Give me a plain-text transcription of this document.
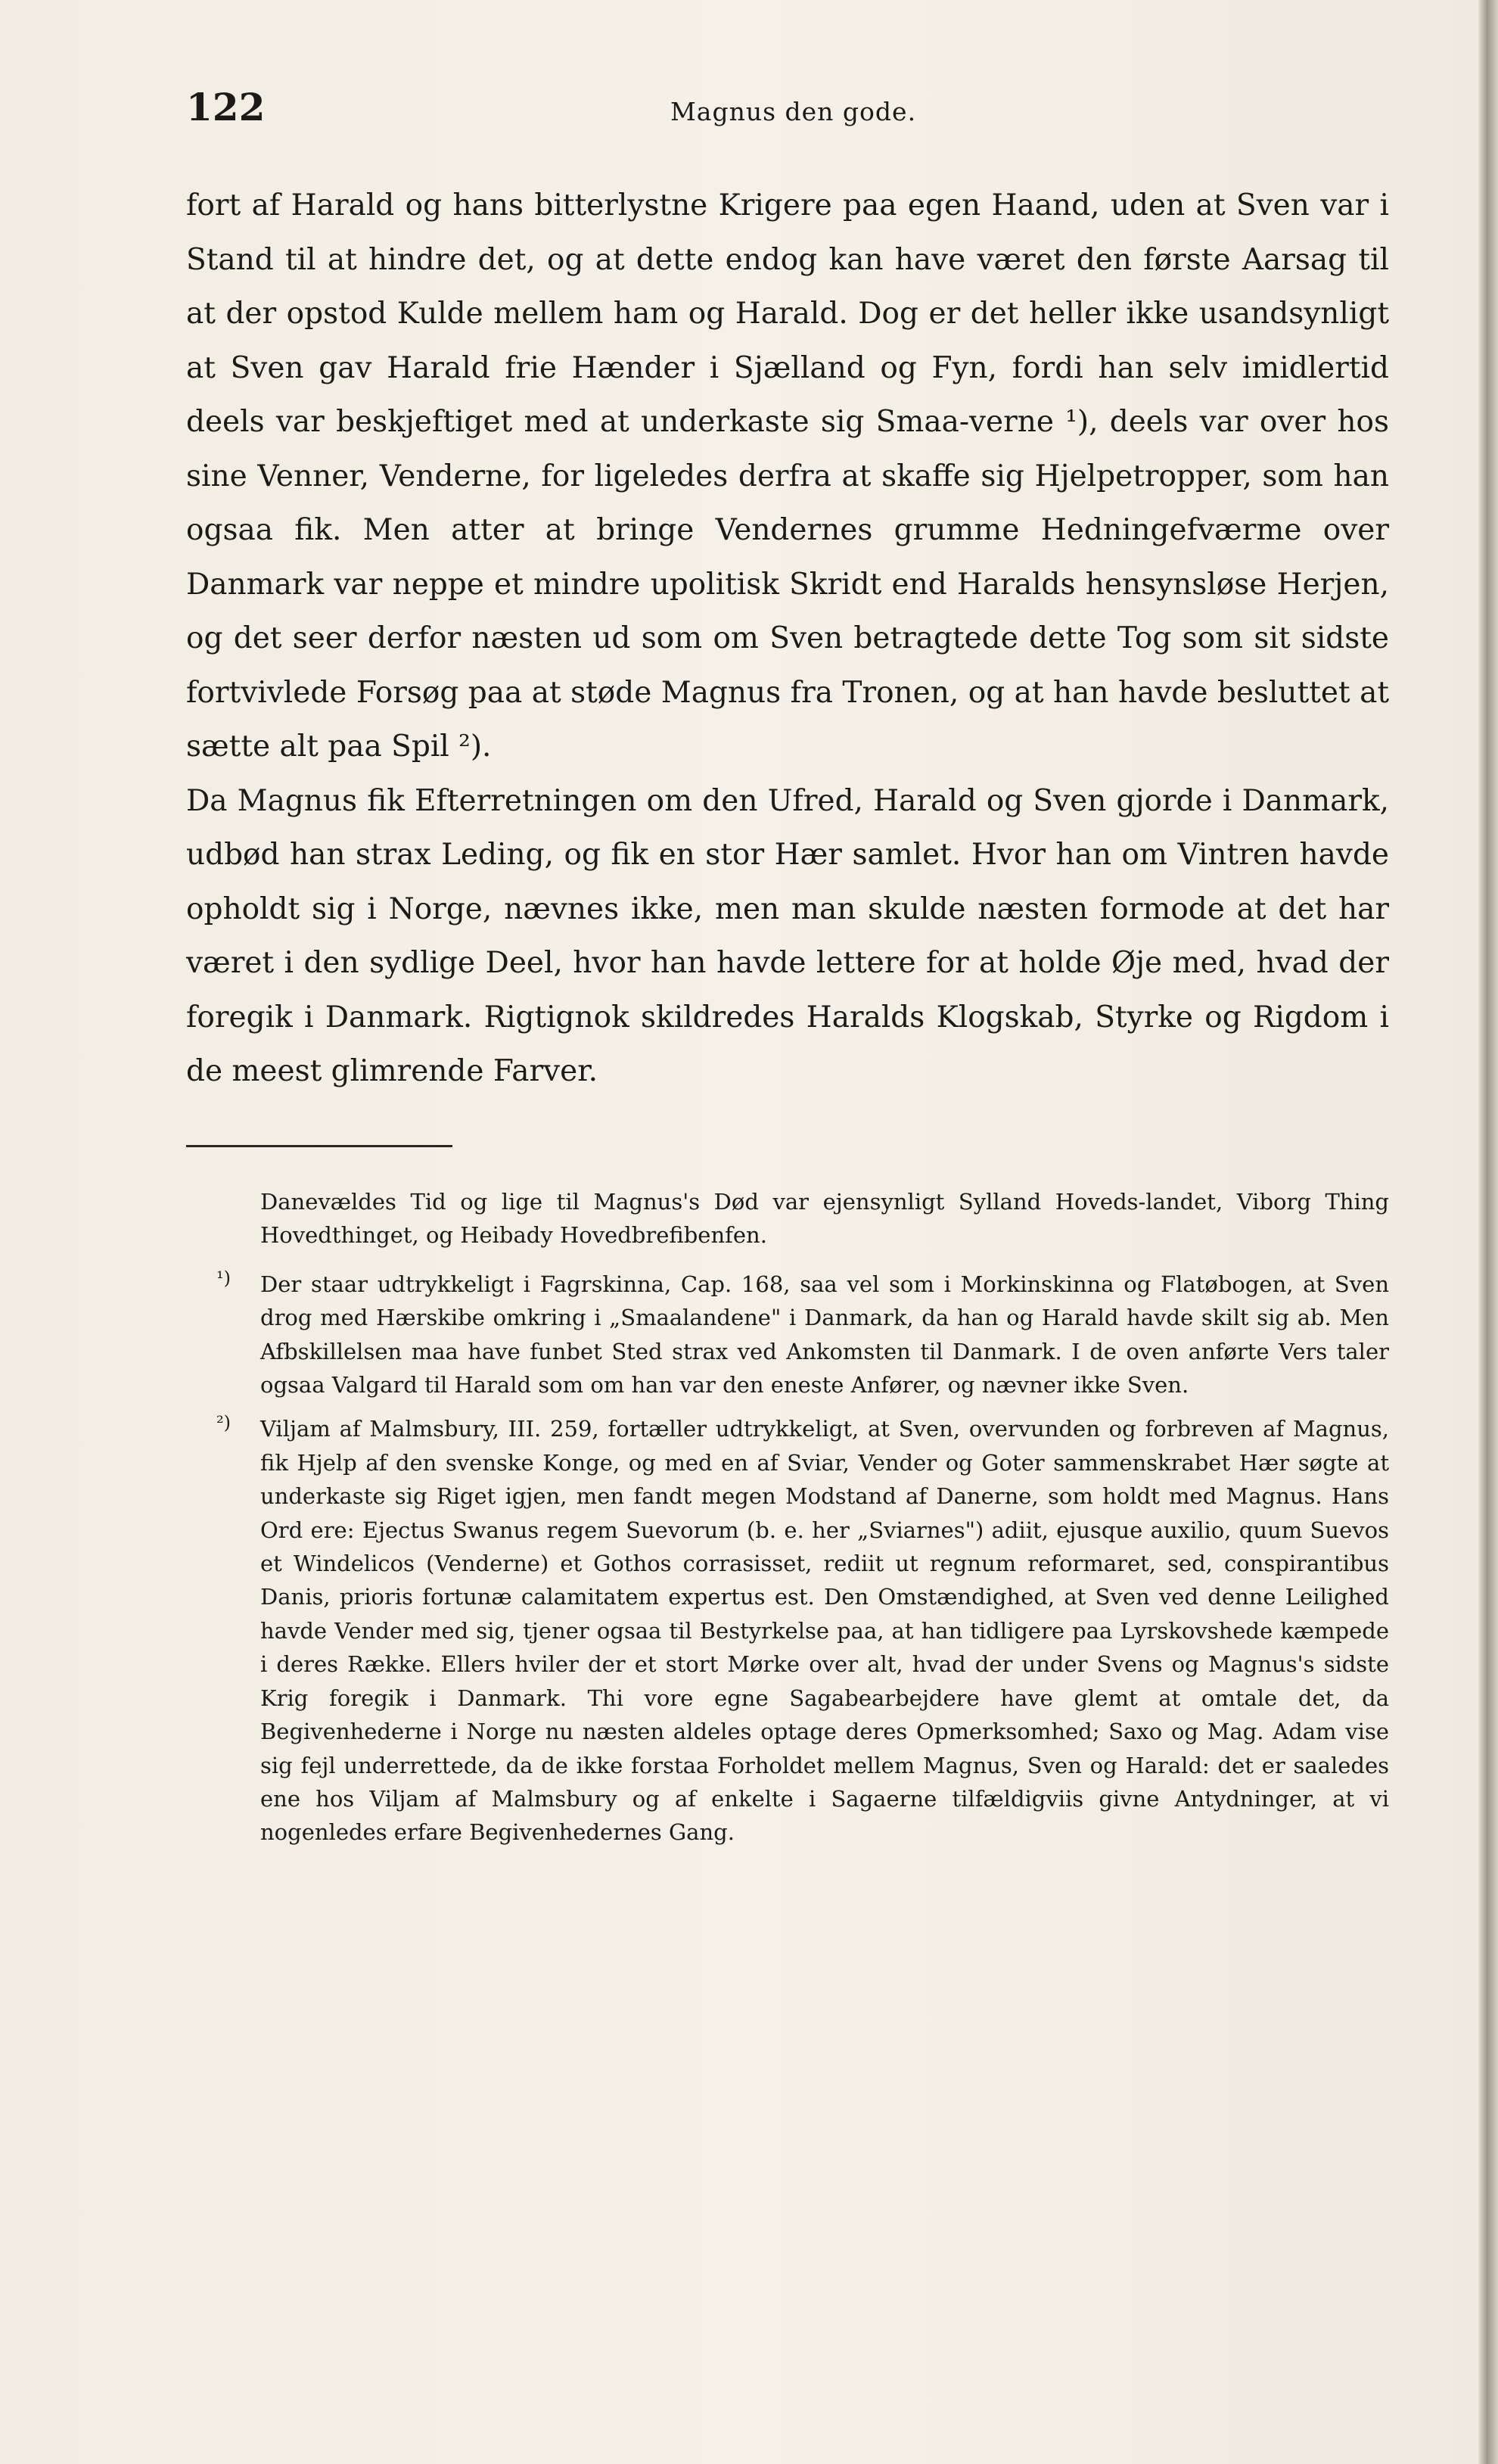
122	Magnus den gode.

fort af Harald og hans bitterlystne Krigere paa egen Haand, uden at Sven var i Stand til at hindre det, og at dette endog kan have været den første Aarsag til at der opstod Kulde mellem ham og Harald. Dog er det heller ikke usandsynligt at Sven gav Harald frie Hænder i Sjælland og Fyn, fordi han selv imidlertid deels var beskjeftiget med at underkaste sig Smaa-verne ¹), deels var over hos sine Venner, Venderne, for ligeledes derfra at skaffe sig Hjelpetropper, som han ogsaa fik. Men atter at bringe Vendernes grumme Hedningefværme over Danmark var neppe et mindre upolitisk Skridt end Haralds hensynsløse Herjen, og det seer derfor næsten ud som om Sven betragtede dette Tog som sit sidste fortvivlede Forsøg paa at støde Magnus fra Tronen, og at han havde besluttet at sætte alt paa Spil ²).

Da Magnus fik Efterretningen om den Ufred, Harald og Sven gjorde i Danmark, udbød han strax Leding, og fik en stor Hær samlet. Hvor han om Vintren havde opholdt sig i Norge, nævnes ikke, men man skulde næsten formode at det har været i den sydlige Deel, hvor han havde lettere for at holde Øje med, hvad der foregik i Danmark. Rigtignok skildredes Haralds Klogskab, Styrke og Rigdom i de meest glimrende Farver.

Danevældes Tid og lige til Magnus's Død var ejensynligt Sylland Hoveds-landet, Viborg Thing Hovedthinget, og Heibady Hovedbrefibenfen.

¹) Der staar udtrykkeligt i Fagrskinna, Cap. 168, saa vel som i Morkinskinna og Flatøbogen, at Sven drog med Hærskibe omkring i „Smaalandene" i Danmark, da han og Harald havde skilt sig ab. Men Afbskillelsen maa have funbet Sted strax ved Ankomsten til Danmark. I de oven anførte Vers taler ogsaa Valgard til Harald som om han var den eneste Anfører, og nævner ikke Sven.
²) Viljam af Malmsbury, III. 259, fortæller udtrykkeligt, at Sven, overvunden og forbreven af Magnus, fik Hjelp af den svenske Konge, og med en af Sviar, Vender og Goter sammenskrabet Hær søgte at underkaste sig Riget igjen, men fandt megen Modstand af Danerne, som holdt med Magnus. Hans Ord ere: Ejectus Swanus regem Suevorum (b. e. her „Sviarnes") adiit, ejusque auxilio, quum Suevos et Windelicos (Venderne) et Gothos corrasisset, rediit ut regnum reformaret, sed, conspirantibus Danis, prioris fortunæ calamitatem expertus est. Den Omstændighed, at Sven ved denne Leilighed havde Vender med sig, tjener ogsaa til Bestyrkelse paa, at han tidligere paa Lyrskovshede kæmpede i deres Række. Ellers hviler der et stort Mørke over alt, hvad der under Svens og Magnus's sidste Krig foregik i Danmark. Thi vore egne Sagabearbejdere have glemt at omtale det, da Begivenhederne i Norge nu næsten aldeles optage deres Opmerksomhed; Saxo og Mag. Adam vise sig fejl underrettede, da de ikke forstaa Forholdet mellem Magnus, Sven og Harald: det er saaledes ene hos Viljam af Malmsbury og af enkelte i Sagaerne tilfældigviis givne Antydninger, at vi nogenledes erfare Begivenhedernes Gang.
